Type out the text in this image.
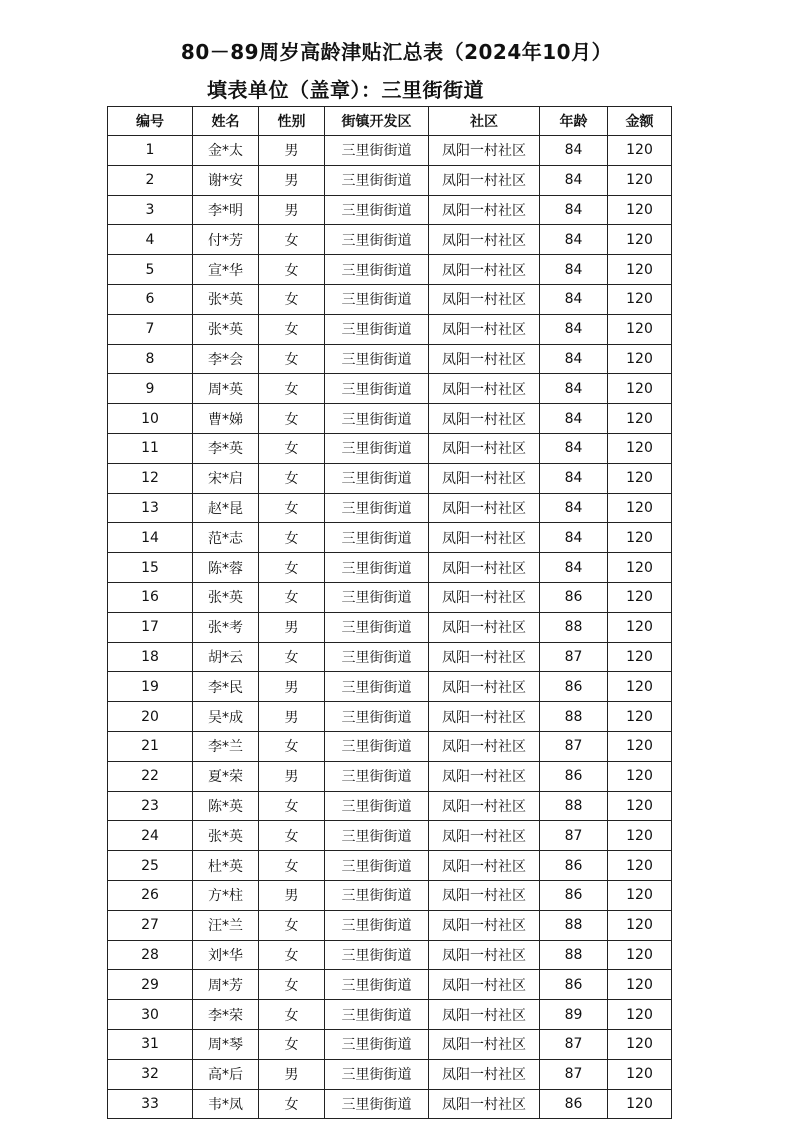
80－89周岁高龄津贴汇总表（2024年10月）
填表单位（盖章）：三里街街道
编号	姓名	性别	街镇开发区	社区	年龄	金额
1	金*太	男	三里街街道	凤阳一村社区	84	120
2	谢*安	男	三里街街道	凤阳一村社区	84	120
3	李*明	男	三里街街道	凤阳一村社区	84	120
4	付*芳	女	三里街街道	凤阳一村社区	84	120
5	宣*华	女	三里街街道	凤阳一村社区	84	120
6	张*英	女	三里街街道	凤阳一村社区	84	120
7	张*英	女	三里街街道	凤阳一村社区	84	120
8	李*会	女	三里街街道	凤阳一村社区	84	120
9	周*英	女	三里街街道	凤阳一村社区	84	120
10	曹*娣	女	三里街街道	凤阳一村社区	84	120
11	李*英	女	三里街街道	凤阳一村社区	84	120
12	宋*启	女	三里街街道	凤阳一村社区	84	120
13	赵*昆	女	三里街街道	凤阳一村社区	84	120
14	范*志	女	三里街街道	凤阳一村社区	84	120
15	陈*蓉	女	三里街街道	凤阳一村社区	84	120
16	张*英	女	三里街街道	凤阳一村社区	86	120
17	张*考	男	三里街街道	凤阳一村社区	88	120
18	胡*云	女	三里街街道	凤阳一村社区	87	120
19	李*民	男	三里街街道	凤阳一村社区	86	120
20	吴*成	男	三里街街道	凤阳一村社区	88	120
21	李*兰	女	三里街街道	凤阳一村社区	87	120
22	夏*荣	男	三里街街道	凤阳一村社区	86	120
23	陈*英	女	三里街街道	凤阳一村社区	88	120
24	张*英	女	三里街街道	凤阳一村社区	87	120
25	杜*英	女	三里街街道	凤阳一村社区	86	120
26	方*柱	男	三里街街道	凤阳一村社区	86	120
27	汪*兰	女	三里街街道	凤阳一村社区	88	120
28	刘*华	女	三里街街道	凤阳一村社区	88	120
29	周*芳	女	三里街街道	凤阳一村社区	86	120
30	李*荣	女	三里街街道	凤阳一村社区	89	120
31	周*琴	女	三里街街道	凤阳一村社区	87	120
32	高*后	男	三里街街道	凤阳一村社区	87	120
33	韦*凤	女	三里街街道	凤阳一村社区	86	120
